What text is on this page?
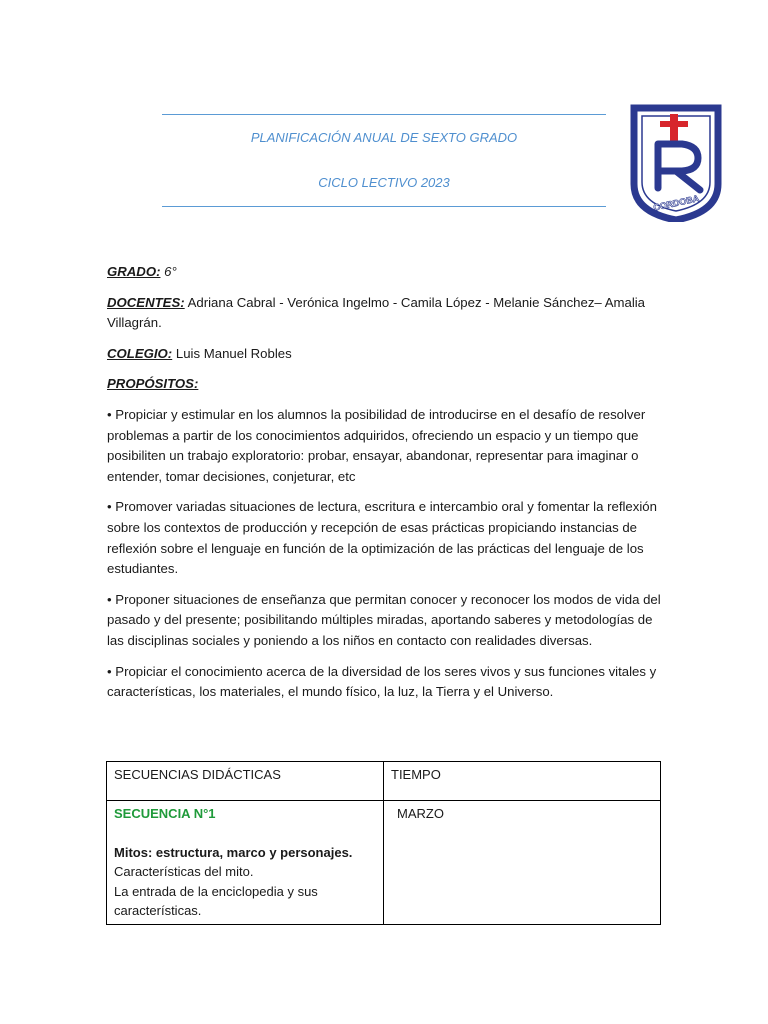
PLANIFICACIÓN ANUAL DE SEXTO GRADO
CICLO LECTIVO 2023
CORDOBA

GRADO: 6°

DOCENTES: Adriana Cabral - Verónica Ingelmo - Camila López - Melanie Sánchez– Amalia Villagrán.

COLEGIO: Luis Manuel Robles

PROPÓSITOS:

• Propiciar y estimular en los alumnos la posibilidad de introducirse en el desafío de resolver problemas a partir de los conocimientos adquiridos, ofreciendo un espacio y un tiempo que posibiliten un trabajo exploratorio: probar, ensayar, abandonar, representar para imaginar o entender, tomar decisiones, conjeturar, etc

• Promover variadas situaciones de lectura, escritura e intercambio oral y fomentar la reflexión sobre los contextos de producción y recepción de esas prácticas propiciando instancias de reflexión sobre el lenguaje en función de la optimización de las prácticas del lenguaje de los estudiantes.

• Proponer situaciones de enseñanza que permitan conocer y reconocer los modos de vida del pasado y del presente; posibilitando múltiples miradas, aportando saberes y metodologías de las disciplinas sociales y poniendo a los niños en contacto con realidades diversas.

• Propiciar el conocimiento acerca de la diversidad de los seres vivos y sus funciones vitales y características, los materiales, el mundo físico, la luz, la Tierra y el Universo.

SECUENCIAS DIDÁCTICAS	TIEMPO

SECUENCIA N°1
Mitos: estructura, marco y personajes.
Características del mito.
La entrada de la enciclopedia y sus características.	MARZO
